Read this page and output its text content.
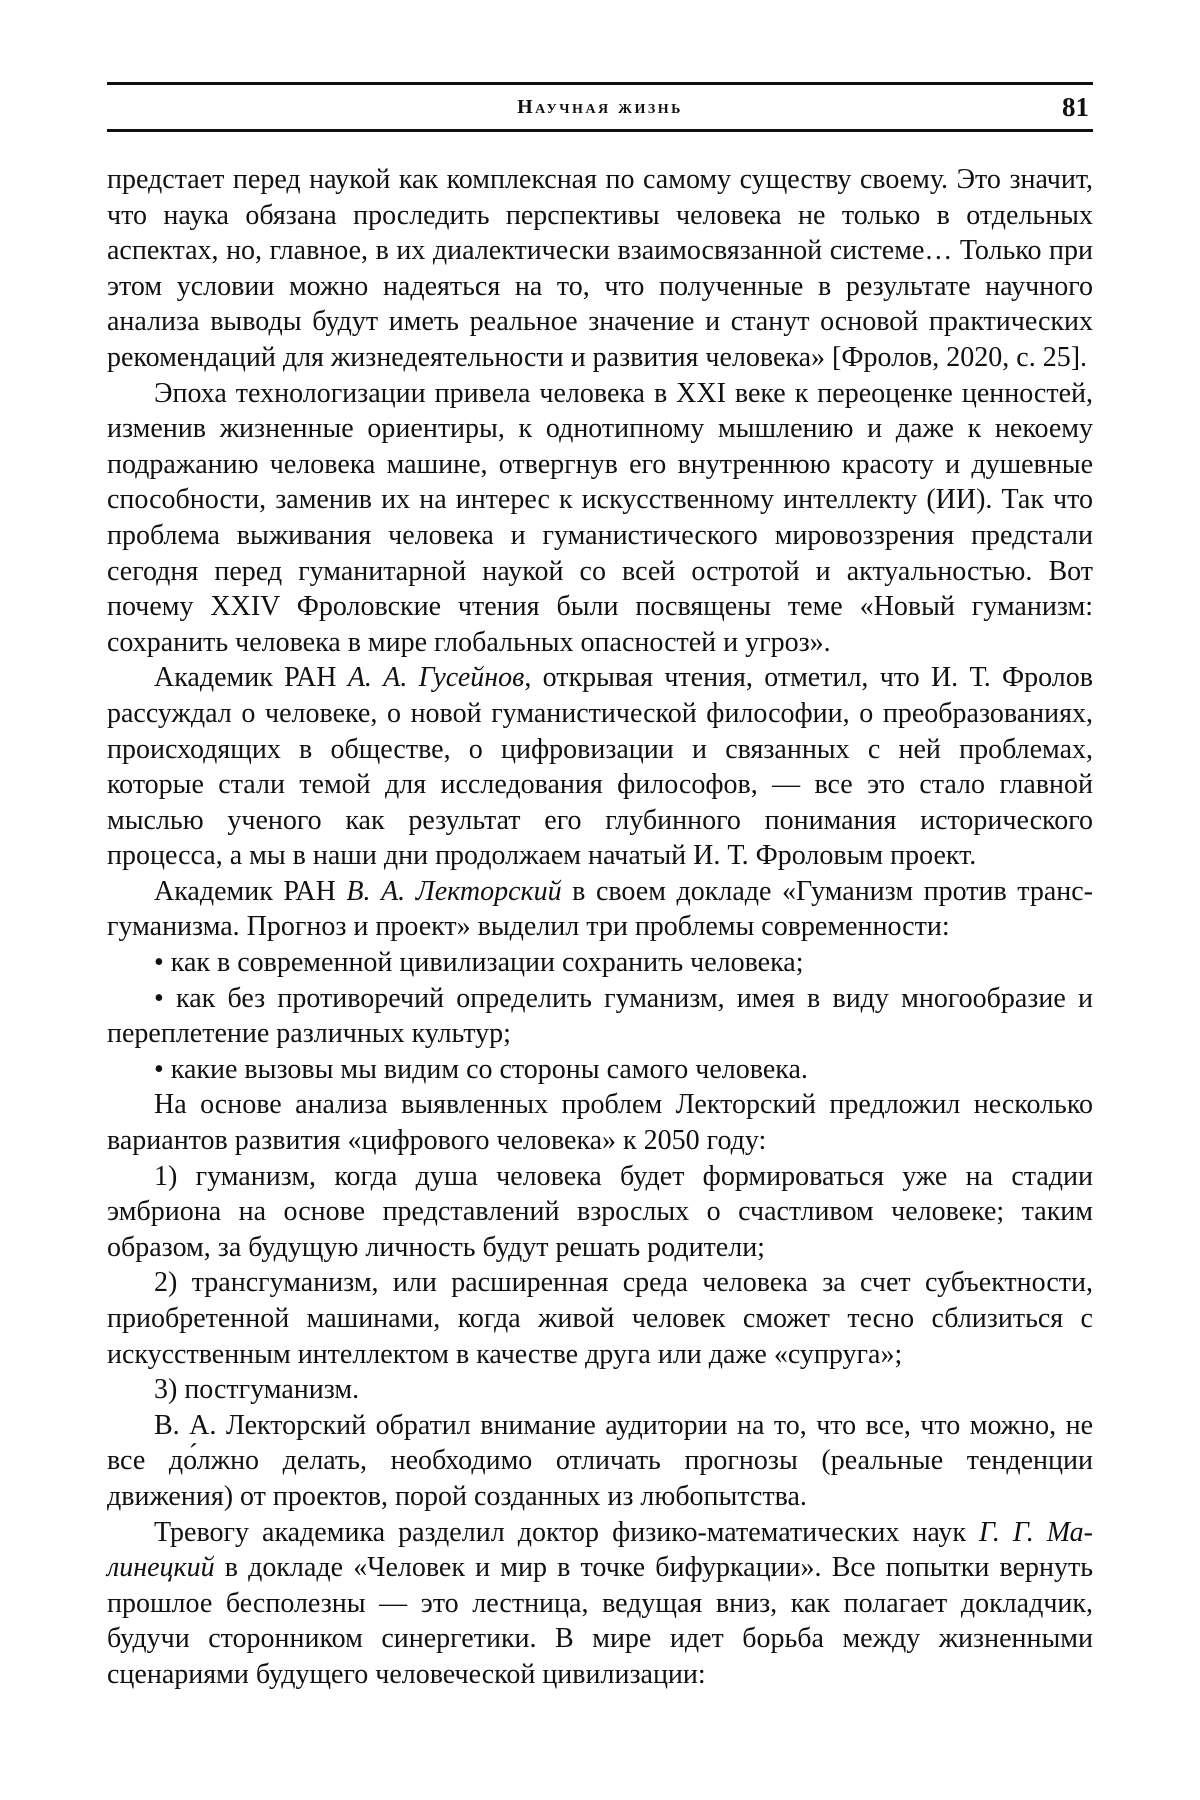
Научная жизнь	81

предстает перед наукой как комплексная по самому существу своему. Это зна­чит, что наука обязана проследить перспективы человека не только в отдельных аспектах, но, главное, в их диалектически взаимосвязанной системе… Только при этом условии можно надеяться на то, что полученные в результате научного анализа выводы будут иметь реальное значение и станут основой практических рекомендаций для жизнедеятельности и развития человека» [Фролов, 2020, с. 25].

Эпоха технологизации привела человека в XXI веке к переоценке ценно­стей, изменив жизненные ориентиры, к однотипному мышлению и даже к не­коему подражанию человека машине, отвергнув его внутреннюю красоту и душевные способности, заменив их на интерес к искусственному интеллекту (ИИ). Так что проблема выживания человека и гуманистического мировоззре­ния предстали сегодня перед гуманитарной наукой со всей остротой и актуаль­ностью. Вот почему XXIV Фроловские чтения были посвящены теме «Новый гуманизм: сохранить человека в мире глобальных опасностей и угроз».

Академик РАН А. А. Гусейнов, открывая чтения, отметил, что И. Т. Фролов рассуждал о человеке, о новой гуманистической философии, о преобразова­ниях, происходящих в обществе, о цифровизации и связанных с ней пробле­мах, которые стали темой для исследования философов, — все это стало глав­ной мыслью ученого как результат его глубинного понимания исторического процесса, а мы в наши дни продолжаем начатый И. Т. Фроловым проект.

Академик РАН В. А. Лекторский в своем докладе «Гуманизм против транс­гуманизма. Прогноз и проект» выделил три проблемы современности:

• как в современной цивилизации сохранить человека;

• как без противоречий определить гуманизм, имея в виду многообразие и переплетение различных культур;

• какие вызовы мы видим со стороны самого человека.

На основе анализа выявленных проблем Лекторский предложил несколько вариантов развития «цифрового человека» к 2050 году:

1) гуманизм, когда душа человека будет формироваться уже на стадии эмбрио­на на основе представлений взрослых о счастливом человеке; таким образом, за будущую личность будут решать родители;

2) трансгуманизм, или расширенная среда человека за счет субъектности, при­обретенной машинами, когда живой человек сможет тесно сблизиться с искусст­венным интеллектом в качестве друга или даже «супруга»;

3) постгуманизм.

В. А. Лекторский обратил внимание аудитории на то, что все, что можно, не все до́лжно делать, необходимо отличать прогнозы (реальные тенденции движения) от проектов, порой созданных из любопытства.

Тревогу академика разделил доктор физико-математических наук Г. Г. Ма­линецкий в докладе «Человек и мир в точке бифуркации». Все попытки вернуть прошлое бесполезны — это лестница, ведущая вниз, как полагает докладчик, будучи сторонником синергетики. В мире идет борьба между жизненными сценариями будущего человеческой цивилизации:
